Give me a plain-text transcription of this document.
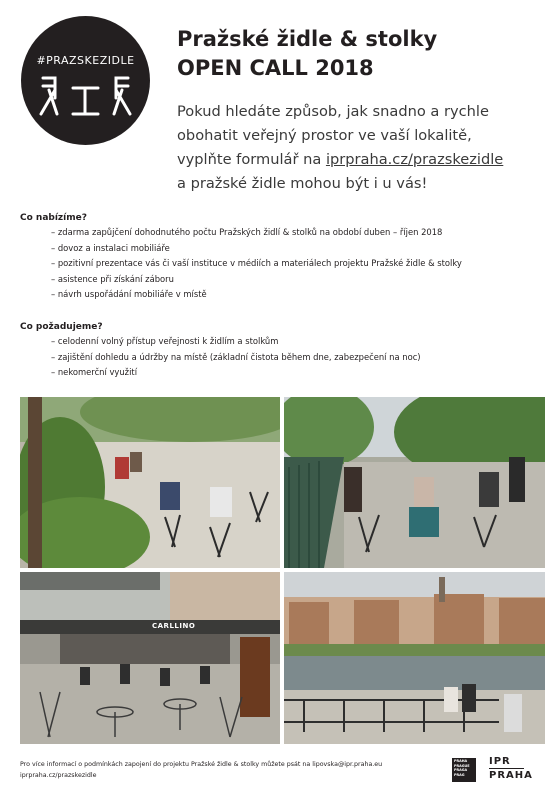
#PRAZSKEZIDLE
Pražské židle & stolky
OPEN CALL 2018
Pokud hledáte způsob, jak snadno a rychle
obohatit veřejný prostor ve vaší lokalitě,
vyplňte formulář na iprpraha.cz/prazskezidle
a pražské židle mohou být i u vás!
Co nabízíme?
– zdarma zapůjčení dohodnutého počtu Pražských židlí & stolků na období duben – říjen 2018
– dovoz a instalaci mobiliáře
– pozitivní prezentace vás či vaší instituce v médiích a materiálech projektu Pražské židle & stolky
– asistence při získání záboru
– návrh uspořádání mobiliáře v místě
Co požadujeme?
– celodenní volný přístup veřejnosti k židlím a stolkům
– zajištění dohledu a údržby na místě (základní čistota během dne, zabezpečení na noc)
– nekomerční využití
CARLLINO
Pro více informací o podmínkách zapojení do projektu Pražské židle & stolky můžete psát na lipovska@ipr.praha.eu
iprpraha.cz/prazskezidle
PRAHA
PRAGUE
PRAGA
PRAG
IPR
PRAHA
